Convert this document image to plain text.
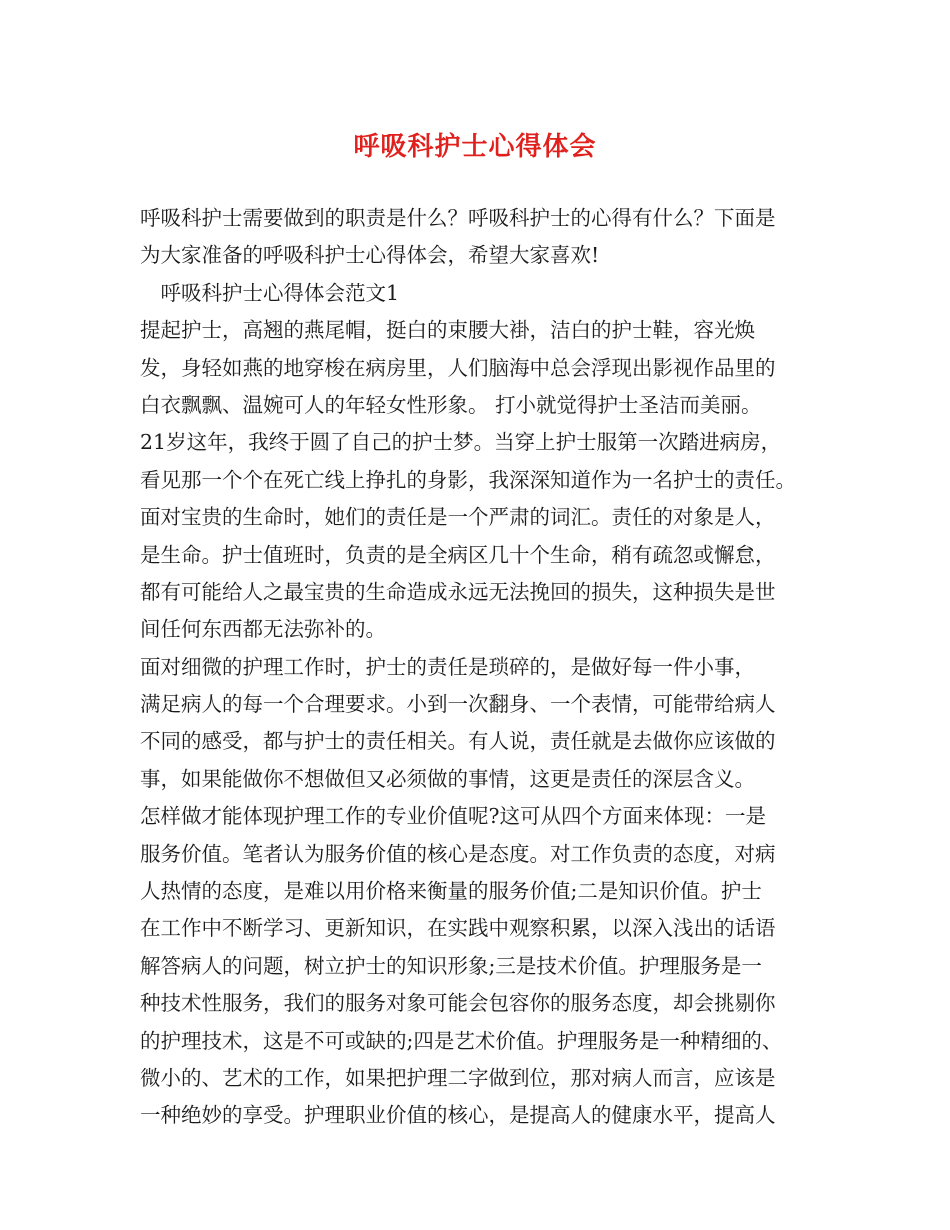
呼吸科护士心得体会
呼吸科护士需要做到的职责是什么？呼吸科护士的心得有什么？下面是
为大家准备的呼吸科护士心得体会，希望大家喜欢!
　呼吸科护士心得体会范文1
提起护士，高翘的燕尾帽，挺白的束腰大褂，洁白的护士鞋，容光焕
发，身轻如燕的地穿梭在病房里，人们脑海中总会浮现出影视作品里的
白衣飘飘、温婉可人的年轻女性形象。 打小就觉得护士圣洁而美丽。
21岁这年，我终于圆了自己的护士梦。当穿上护士服第一次踏进病房，
看见那一个个在死亡线上挣扎的身影，我深深知道作为一名护士的责任。
面对宝贵的生命时，她们的责任是一个严肃的词汇。责任的对象是人，
是生命。护士值班时，负责的是全病区几十个生命，稍有疏忽或懈怠，
都有可能给人之最宝贵的生命造成永远无法挽回的损失，这种损失是世
间任何东西都无法弥补的。
面对细微的护理工作时，护士的责任是琐碎的，是做好每一件小事，
满足病人的每一个合理要求。小到一次翻身、一个表情，可能带给病人
不同的感受，都与护士的责任相关。有人说，责任就是去做你应该做的
事，如果能做你不想做但又必须做的事情，这更是责任的深层含义。
怎样做才能体现护理工作的专业价值呢?这可从四个方面来体现：一是
服务价值。笔者认为服务价值的核心是态度。对工作负责的态度，对病
人热情的态度，是难以用价格来衡量的服务价值;二是知识价值。护士
在工作中不断学习、更新知识，在实践中观察积累，以深入浅出的话语
解答病人的问题，树立护士的知识形象;三是技术价值。护理服务是一
种技术性服务，我们的服务对象可能会包容你的服务态度，却会挑剔你
的护理技术，这是不可或缺的;四是艺术价值。护理服务是一种精细的、
微小的、艺术的工作，如果把护理二字做到位，那对病人而言，应该是
一种绝妙的享受。护理职业价值的核心，是提高人的健康水平，提高人
